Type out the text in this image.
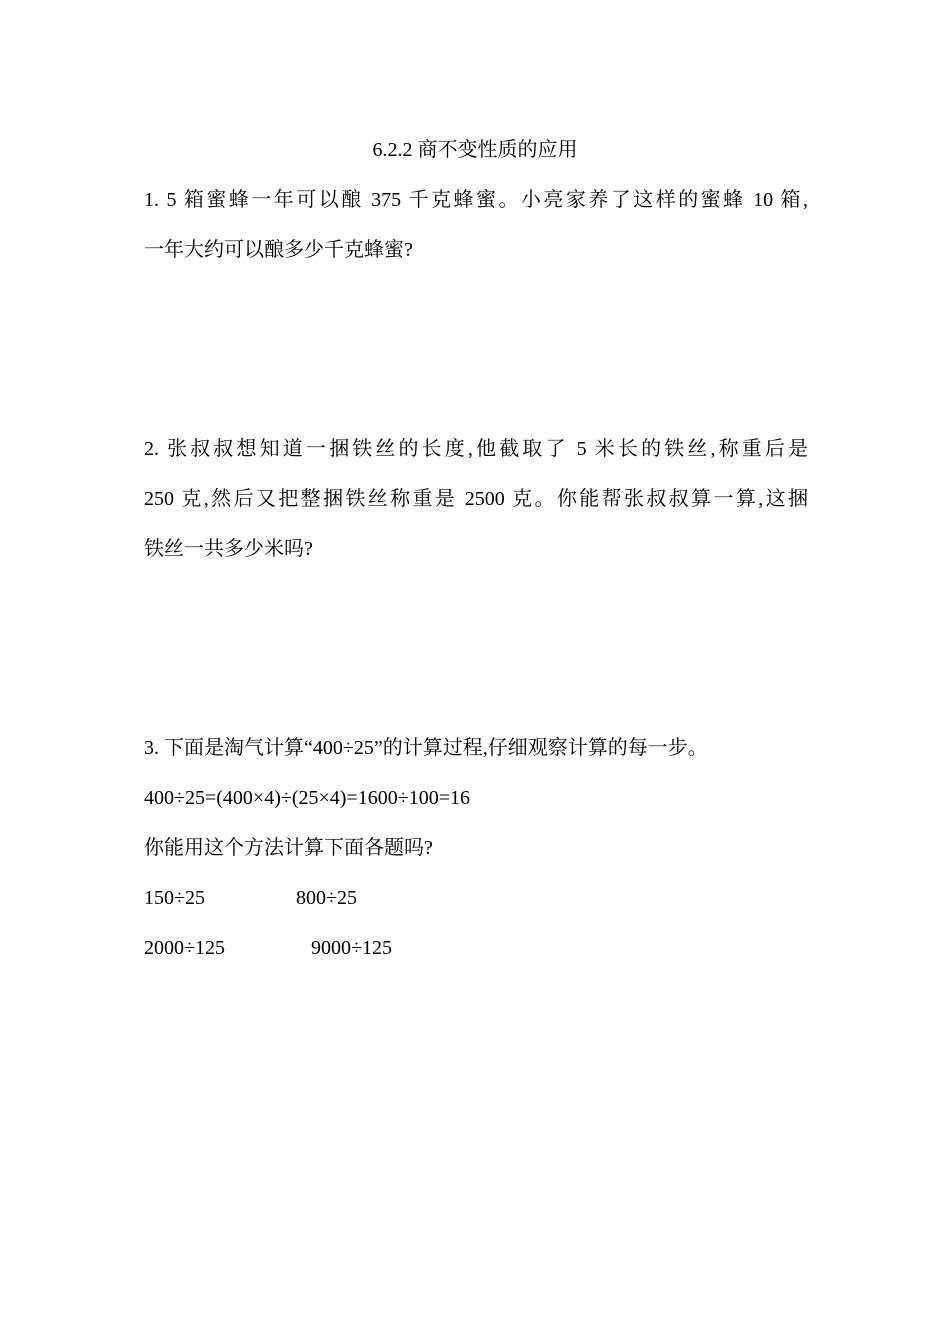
6.2.2 商不变性质的应用
1. 5 箱蜜蜂一年可以酿 375 千克蜂蜜。小亮家养了这样的蜜蜂 10 箱,
一年大约可以酿多少千克蜂蜜?
2. 张叔叔想知道一捆铁丝的长度,他截取了 5 米长的铁丝,称重后是
250 克,然后又把整捆铁丝称重是 2500 克。你能帮张叔叔算一算,这捆
铁丝一共多少米吗?
3. 下面是淘气计算“400÷25”的计算过程,仔细观察计算的每一步。
400÷25=(400×4)÷(25×4)=1600÷100=16
你能用这个方法计算下面各题吗?
150÷25	800÷25
2000÷125	9000÷125
